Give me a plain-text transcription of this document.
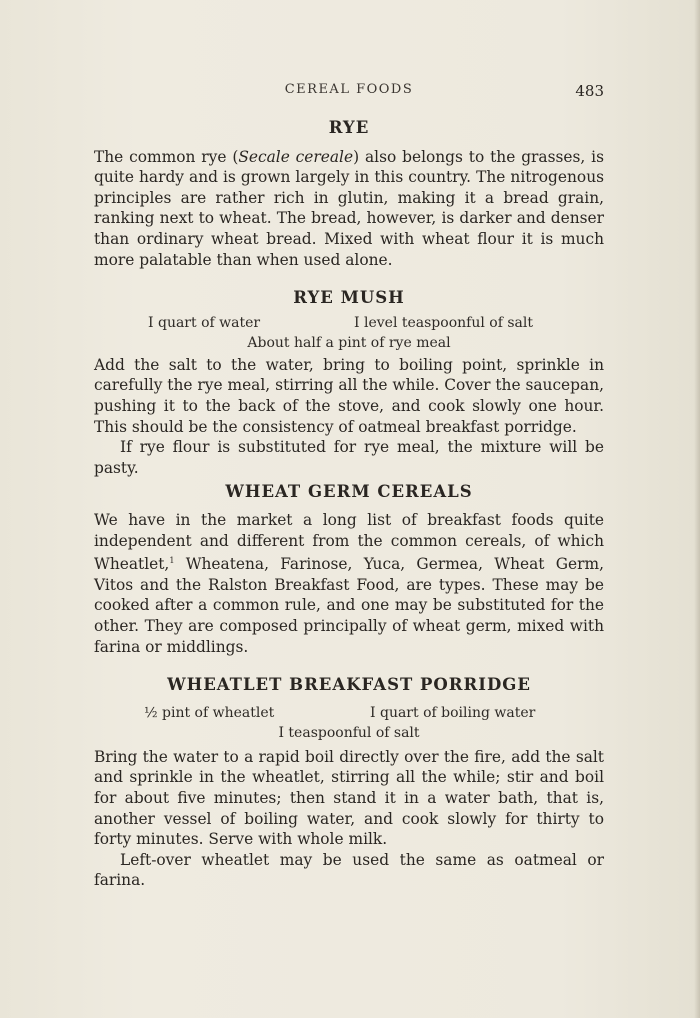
CEREAL FOODS	483
RYE

The common rye (Secale cereale) also belongs to the grasses, is quite hardy and is grown largely in this country. The nitrogenous principles are rather rich in glutin, making it a bread grain, ranking next to wheat. The bread, however, is darker and denser than ordinary wheat bread. Mixed with wheat flour it is much more palatable than when used alone.

RYE MUSH
I quart of water	I level teaspoonful of salt
About half a pint of rye meal

Add the salt to the water, bring to boiling point, sprinkle in carefully the rye meal, stirring all the while. Cover the saucepan, pushing it to the back of the stove, and cook slowly one hour. This should be the consistency of oatmeal breakfast porridge.

If rye flour is substituted for rye meal, the mixture will be pasty.

WHEAT GERM CEREALS

We have in the market a long list of breakfast foods quite independent and different from the common cereals, of which Wheatlet,$^1$ Wheatena, Farinose, Yuca, Germea, Wheat Germ, Vitos and the Ralston Breakfast Food, are types. These may be cooked after a common rule, and one may be substituted for the other. They are composed principally of wheat germ, mixed with farina or middlings.

WHEATLET BREAKFAST PORRIDGE
½ pint of wheatlet	I quart of boiling water
I teaspoonful of salt

Bring the water to a rapid boil directly over the fire, add the salt and sprinkle in the wheatlet, stirring all the while; stir and boil for about five minutes; then stand it in a water bath, that is, another vessel of boiling water, and cook slowly for thirty to forty minutes. Serve with whole milk.

Left-over wheatlet may be used the same as oatmeal or farina.
